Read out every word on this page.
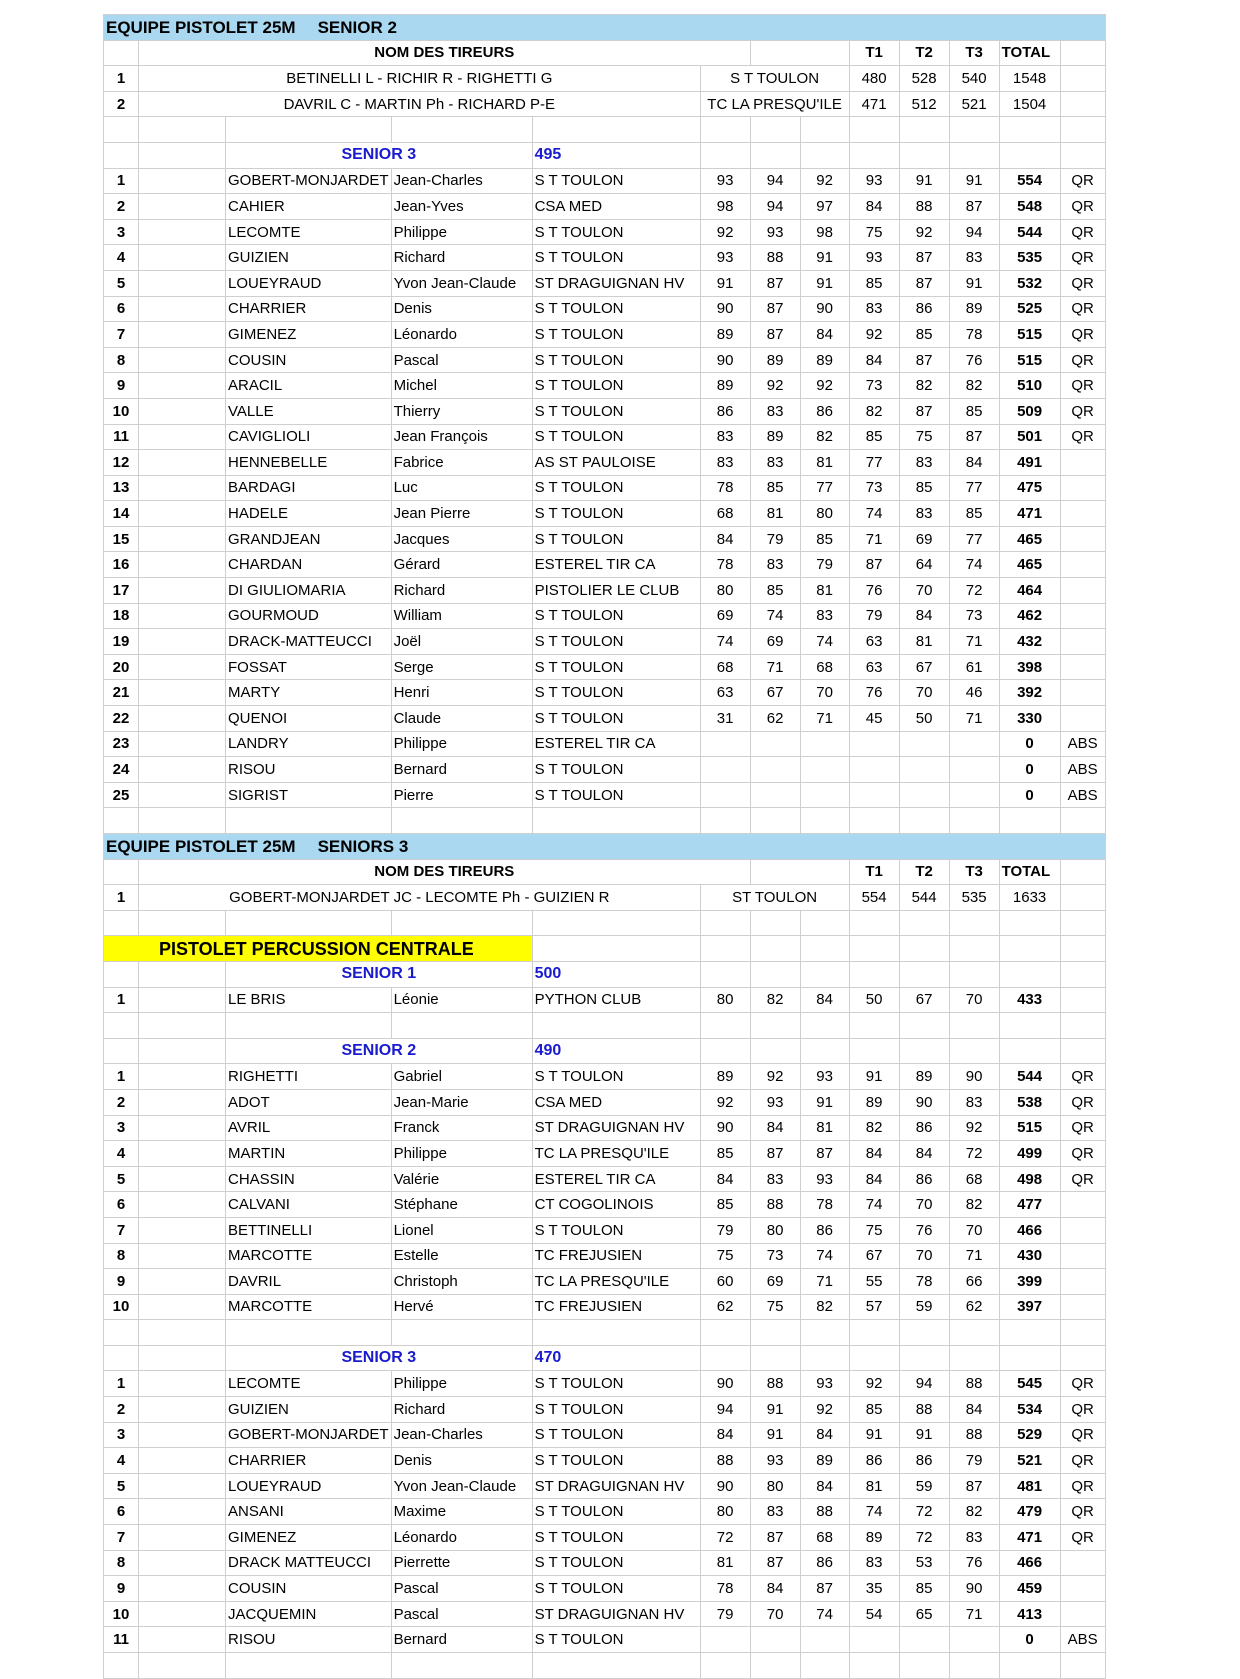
EQUIPE PISTOLET 25M SENIOR 2												
	NOM DES TIREURS							T1	T2	T3	TOTAL	
1	BETINELLI L - RICHIR R - RIGHETTI G				S T TOULON			480	528	540	1548	
2	DAVRIL C - MARTIN Ph - RICHARD P-E				TC LA PRESQU'ILE			471	512	521	1504	

		SENIOR 3		495								
1		GOBERT-MONJARDET	Jean-Charles	S T TOULON	93	94	92	93	91	91	554	QR
2		CAHIER	Jean-Yves	CSA MED	98	94	97	84	88	87	548	QR
3		LECOMTE	Philippe	S T TOULON	92	93	98	75	92	94	544	QR
4		GUIZIEN	Richard	S T TOULON	93	88	91	93	87	83	535	QR
5		LOUEYRAUD	Yvon Jean-Claude	ST DRAGUIGNAN HV	91	87	91	85	87	91	532	QR
6		CHARRIER	Denis	S T TOULON	90	87	90	83	86	89	525	QR
7		GIMENEZ	Léonardo	S T TOULON	89	87	84	92	85	78	515	QR
8		COUSIN	Pascal	S T TOULON	90	89	89	84	87	76	515	QR
9		ARACIL	Michel	S T TOULON	89	92	92	73	82	82	510	QR
10		VALLE	Thierry	S T TOULON	86	83	86	82	87	85	509	QR
11		CAVIGLIOLI	Jean François	S T TOULON	83	89	82	85	75	87	501	QR
12		HENNEBELLE	Fabrice	AS ST PAULOISE	83	83	81	77	83	84	491	
13		BARDAGI	Luc	S T TOULON	78	85	77	73	85	77	475	
14		HADELE	Jean Pierre	S T TOULON	68	81	80	74	83	85	471	
15		GRANDJEAN	Jacques	S T TOULON	84	79	85	71	69	77	465	
16		CHARDAN	Gérard	ESTEREL TIR CA	78	83	79	87	64	74	465	
17		DI GIULIOMARIA	Richard	PISTOLIER LE CLUB	80	85	81	76	70	72	464	
18		GOURMOUD	William	S T TOULON	69	74	83	79	84	73	462	
19		DRACK-MATTEUCCI	Joël	S T TOULON	74	69	74	63	81	71	432	
20		FOSSAT	Serge	S T TOULON	68	71	68	63	67	61	398	
21		MARTY	Henri	S T TOULON	63	67	70	76	70	46	392	
22		QUENOI	Claude	S T TOULON	31	62	71	45	50	71	330	
23		LANDRY	Philippe	ESTEREL TIR CA							0	ABS
24		RISOU	Bernard	S T TOULON							0	ABS
25		SIGRIST	Pierre	S T TOULON							0	ABS

EQUIPE PISTOLET 25M SENIORS 3												
	NOM DES TIREURS							T1	T2	T3	TOTAL	
1	GOBERT-MONJARDET JC - LECOMTE Ph - GUIZIEN R				ST TOULON			554	544	535	1633	

PISTOLET PERCUSSION CENTRALE												
		SENIOR 1		500								
1		LE BRIS	Léonie	PYTHON CLUB	80	82	84	50	67	70	433	

		SENIOR 2		490								
1		RIGHETTI	Gabriel	S T TOULON	89	92	93	91	89	90	544	QR
2		ADOT	Jean-Marie	CSA MED	92	93	91	89	90	83	538	QR
3		AVRIL	Franck	ST DRAGUIGNAN HV	90	84	81	82	86	92	515	QR
4		MARTIN	Philippe	TC LA PRESQU'ILE	85	87	87	84	84	72	499	QR
5		CHASSIN	Valérie	ESTEREL TIR CA	84	83	93	84	86	68	498	QR
6		CALVANI	Stéphane	CT COGOLINOIS	85	88	78	74	70	82	477	
7		BETTINELLI	Lionel	S T TOULON	79	80	86	75	76	70	466	
8		MARCOTTE	Estelle	TC FREJUSIEN	75	73	74	67	70	71	430	
9		DAVRIL	Christoph	TC LA PRESQU'ILE	60	69	71	55	78	66	399	
10		MARCOTTE	Hervé	TC FREJUSIEN	62	75	82	57	59	62	397	

		SENIOR 3		470								
1		LECOMTE	Philippe	S T TOULON	90	88	93	92	94	88	545	QR
2		GUIZIEN	Richard	S T TOULON	94	91	92	85	88	84	534	QR
3		GOBERT-MONJARDET	Jean-Charles	S T TOULON	84	91	84	91	91	88	529	QR
4		CHARRIER	Denis	S T TOULON	88	93	89	86	86	79	521	QR
5		LOUEYRAUD	Yvon Jean-Claude	ST DRAGUIGNAN HV	90	80	84	81	59	87	481	QR
6		ANSANI	Maxime	S T TOULON	80	83	88	74	72	82	479	QR
7		GIMENEZ	Léonardo	S T TOULON	72	87	68	89	72	83	471	QR
8		DRACK MATTEUCCI	Pierrette	S T TOULON	81	87	86	83	53	76	466	
9		COUSIN	Pascal	S T TOULON	78	84	87	35	85	90	459	
10		JACQUEMIN	Pascal	ST DRAGUIGNAN HV	79	70	74	54	65	71	413	
11		RISOU	Bernard	S T TOULON							0	ABS
